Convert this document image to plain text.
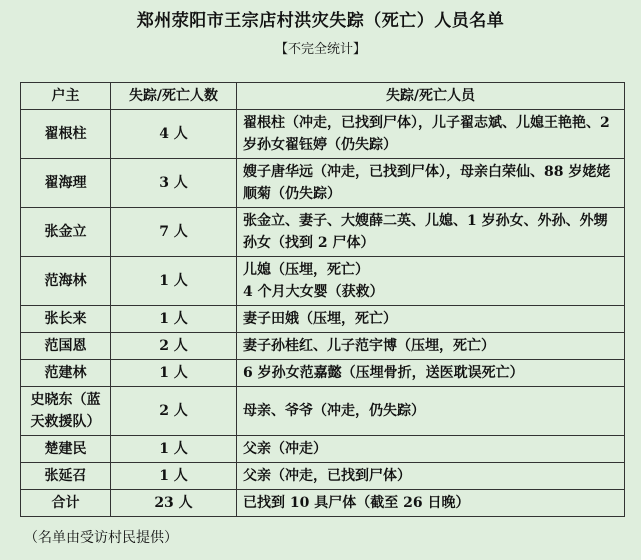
郑州荥阳市王宗店村洪灾失踪（死亡）人员名单
【不完全统计】
户主	失踪/死亡人数	失踪/死亡人员
翟根柱	4 人	翟根柱（冲走，已找到尸体），儿子翟志斌、儿媳王艳艳、2 岁孙女翟钰婷（仍失踪）

翟海理	3 人	嫂子唐华远（冲走，已找到尸体），母亲白荣仙、88 岁姥姥顺菊（仍失踪）

张金立	7 人	张金立、妻子、大嫂薛二英、儿媳、1 岁孙女、外孙、外甥孙女（找到 2 尸体）

范海林	1 人	儿媳（压埋，死亡）
4 个月大女婴（获救）

张长来	1 人	妻子田娥（压埋，死亡）

范国恩	2 人	妻子孙桂红、儿子范宇博（压埋，死亡）

范建林	1 人	6 岁孙女范嘉懿（压埋骨折，送医耽误死亡）

史晓东（蓝天救援队）	2 人	母亲、爷爷（冲走，仍失踪）

楚建民	1 人	父亲（冲走）

张延召	1 人	父亲（冲走，已找到尸体）

合计	23 人	已找到 10 具尸体（截至 26 日晚）
（名单由受访村民提供）
